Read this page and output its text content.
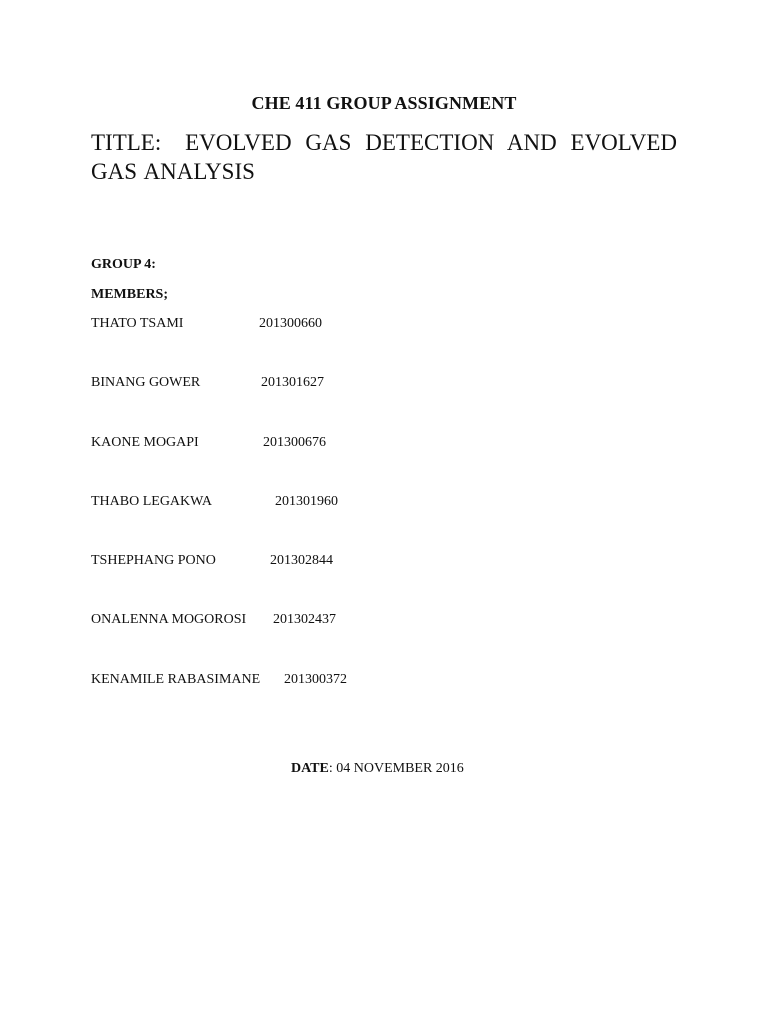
CHE 411 GROUP ASSIGNMENT
TITLE: EVOLVED GAS DETECTION AND EVOLVED GAS ANALYSIS
GROUP 4:
MEMBERS;
THATO TSAMI	201300660
BINANG GOWER	201301627
KAONE MOGAPI	201300676
THABO LEGAKWA	201301960
TSHEPHANG PONO	201302844
ONALENNA MOGOROSI 201302437
KENAMILE RABASIMANE 201300372
DATE: 04 NOVEMBER 2016
